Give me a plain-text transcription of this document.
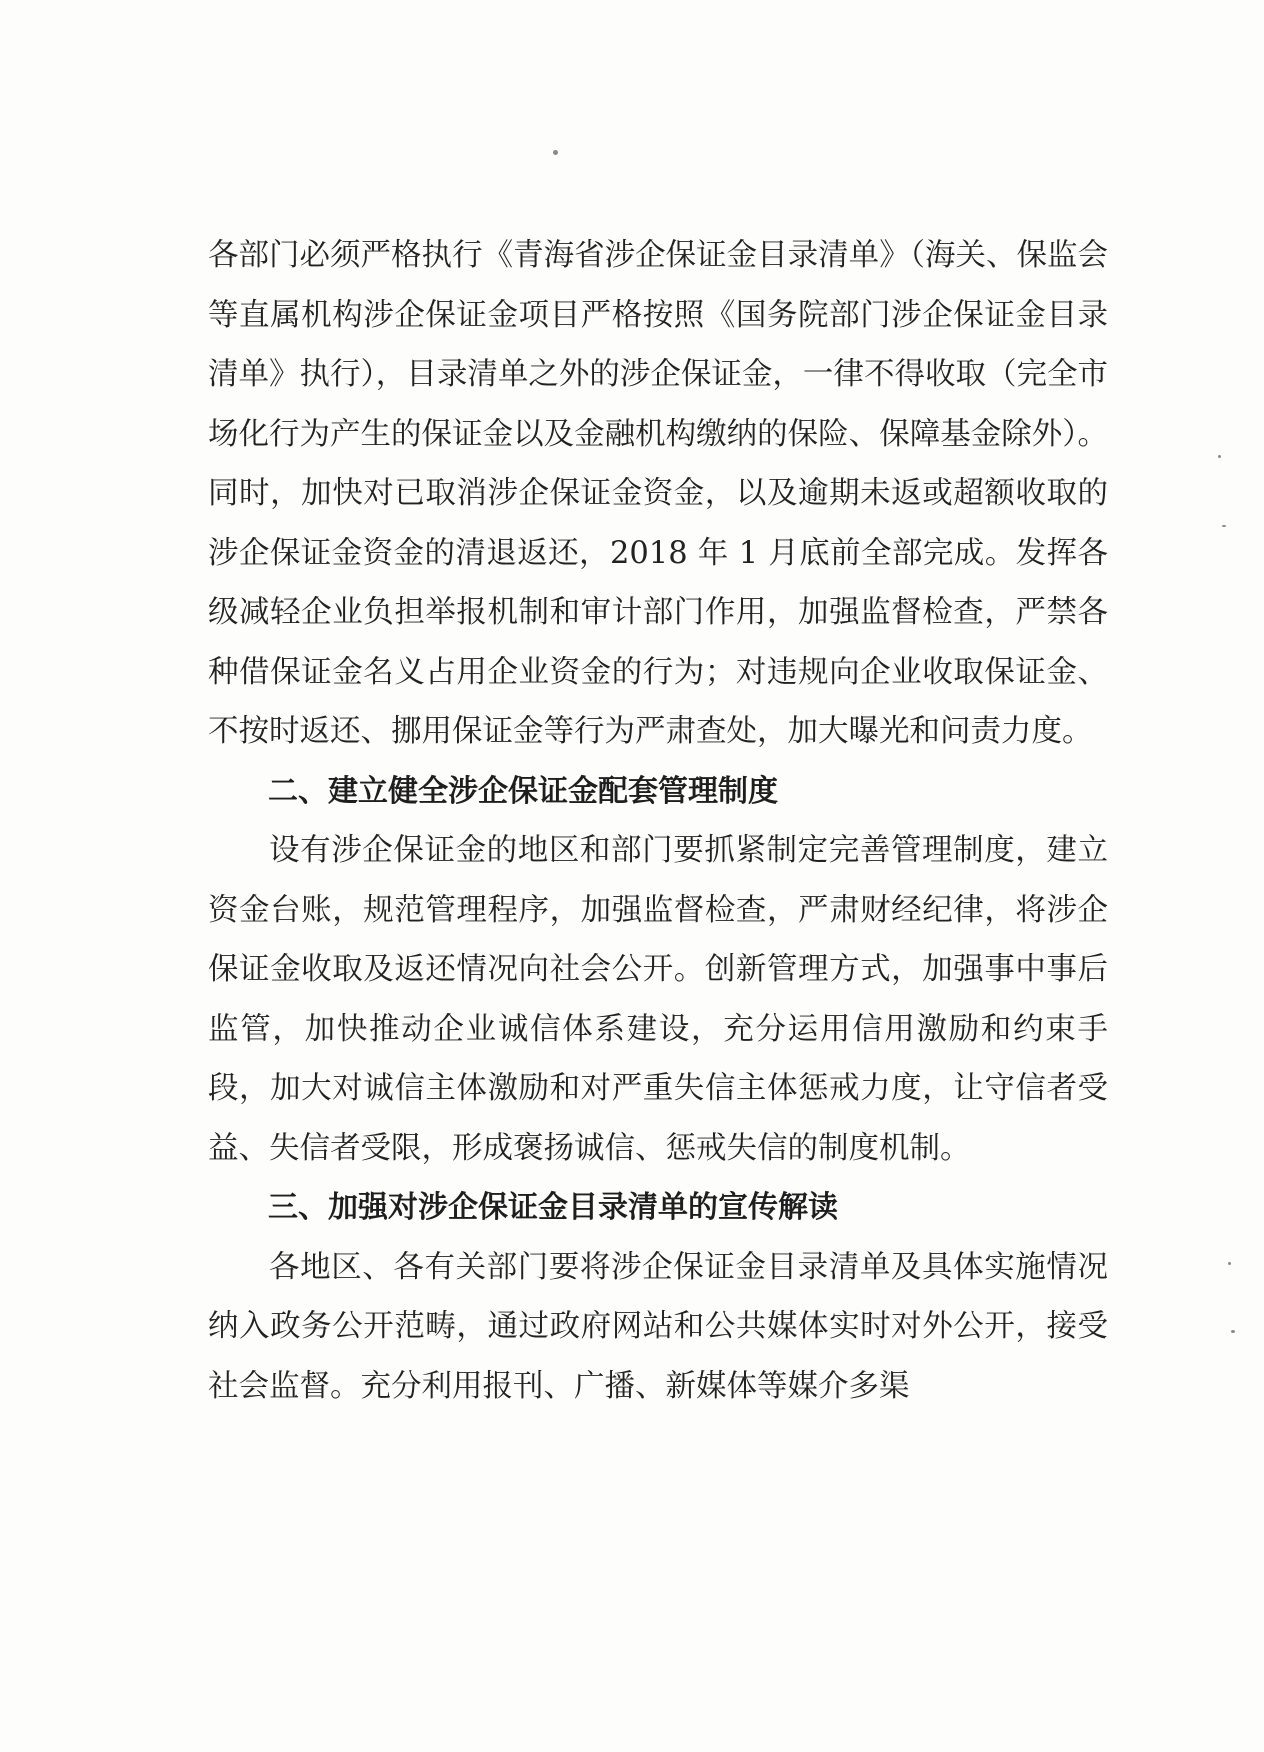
各部门必须严格执行《青海省涉企保证金目录清单》（海关、保监会等直属机构涉企保证金项目严格按照《国务院部门涉企保证金目录清单》执行），目录清单之外的涉企保证金，一律不得收取（完全市场化行为产生的保证金以及金融机构缴纳的保险、保障基金除外）。同时，加快对已取消涉企保证金资金，以及逾期未返或超额收取的涉企保证金资金的清退返还，2018 年 1 月底前全部完成。发挥各级减轻企业负担举报机制和审计部门作用，加强监督检查，严禁各种借保证金名义占用企业资金的行为；对违规向企业收取保证金、不按时返还、挪用保证金等行为严肃查处，加大曝光和问责力度。

二、建立健全涉企保证金配套管理制度

设有涉企保证金的地区和部门要抓紧制定完善管理制度，建立资金台账，规范管理程序，加强监督检查，严肃财经纪律，将涉企保证金收取及返还情况向社会公开。创新管理方式，加强事中事后监管，加快推动企业诚信体系建设，充分运用信用激励和约束手段，加大对诚信主体激励和对严重失信主体惩戒力度，让守信者受益、失信者受限，形成褒扬诚信、惩戒失信的制度机制。

三、加强对涉企保证金目录清单的宣传解读

各地区、各有关部门要将涉企保证金目录清单及具体实施情况纳入政务公开范畴，通过政府网站和公共媒体实时对外公开，接受社会监督。充分利用报刊、广播、新媒体等媒介多渠
